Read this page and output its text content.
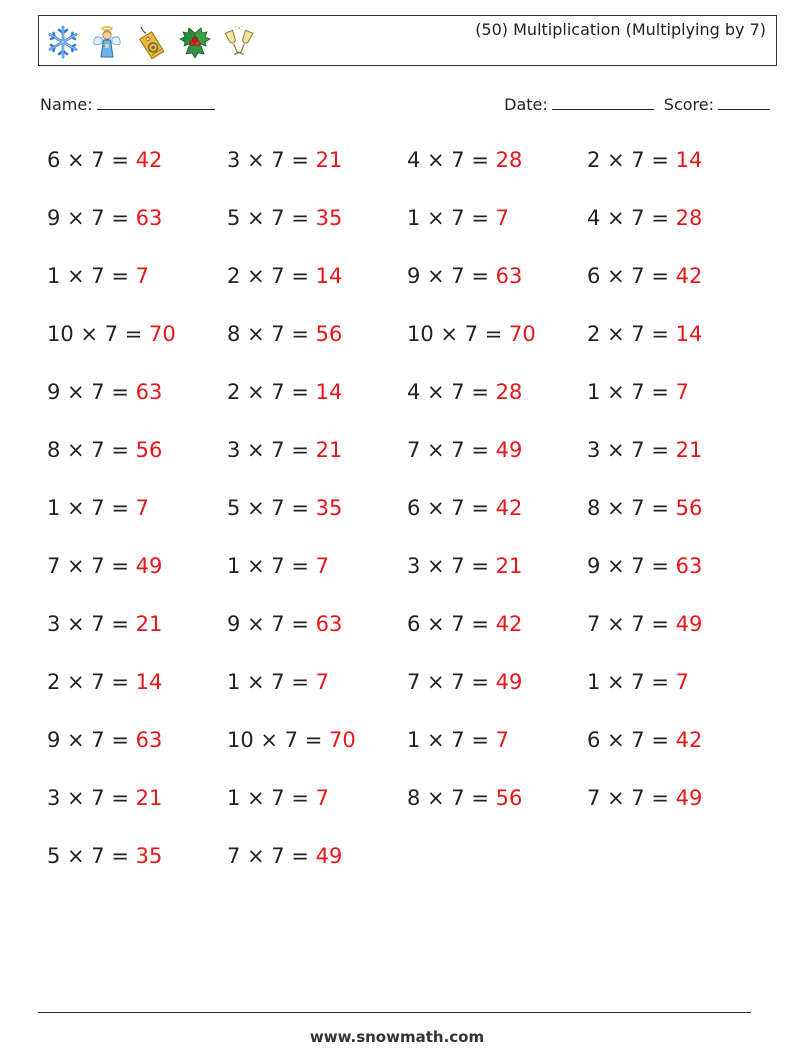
(50) Multiplication (Multiplying by 7)
Name:	Date:	Score:
6 × 7 = 42	3 × 7 = 21	4 × 7 = 28	2 × 7 = 14
9 × 7 = 63	5 × 7 = 35	1 × 7 = 7	4 × 7 = 28
1 × 7 = 7	2 × 7 = 14	9 × 7 = 63	6 × 7 = 42
10 × 7 = 70	8 × 7 = 56	10 × 7 = 70	2 × 7 = 14
9 × 7 = 63	2 × 7 = 14	4 × 7 = 28	1 × 7 = 7
8 × 7 = 56	3 × 7 = 21	7 × 7 = 49	3 × 7 = 21
1 × 7 = 7	5 × 7 = 35	6 × 7 = 42	8 × 7 = 56
7 × 7 = 49	1 × 7 = 7	3 × 7 = 21	9 × 7 = 63
3 × 7 = 21	9 × 7 = 63	6 × 7 = 42	7 × 7 = 49
2 × 7 = 14	1 × 7 = 7	7 × 7 = 49	1 × 7 = 7
9 × 7 = 63	10 × 7 = 70	1 × 7 = 7	6 × 7 = 42
3 × 7 = 21	1 × 7 = 7	8 × 7 = 56	7 × 7 = 49
5 × 7 = 35	7 × 7 = 49
www.snowmath.com
